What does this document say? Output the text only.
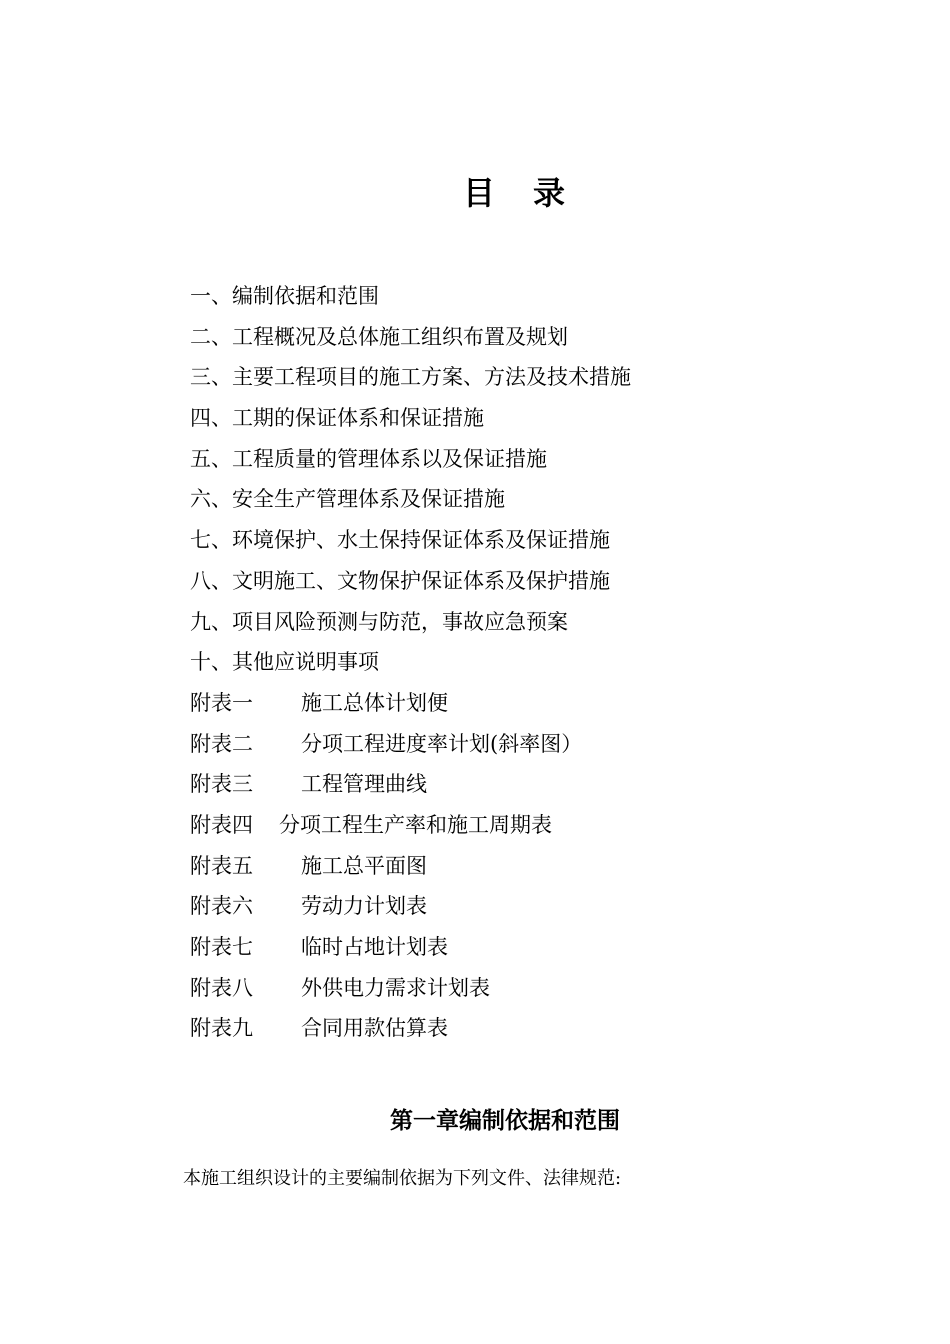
目 录
一、编制依据和范围
二、工程概况及总体施工组织布置及规划
三、主要工程项目的施工方案、方法及技术措施
四、工期的保证体系和保证措施
五、工程质量的管理体系以及保证措施
六、安全生产管理体系及保证措施
七、环境保护、水土保持保证体系及保证措施
八、文明施工、文物保护保证体系及保护措施
九、项目风险预测与防范，事故应急预案
十、其他应说明事项
附表一 施工总体计划便
附表二 分项工程进度率计划(斜率图）
附表三 工程管理曲线
附表四 分项工程生产率和施工周期表
附表五 施工总平面图
附表六 劳动力计划表
附表七 临时占地计划表
附表八 外供电力需求计划表
附表九 合同用款估算表
第一章编制依据和范围
本施工组织设计的主要编制依据为下列文件、法律规范:
